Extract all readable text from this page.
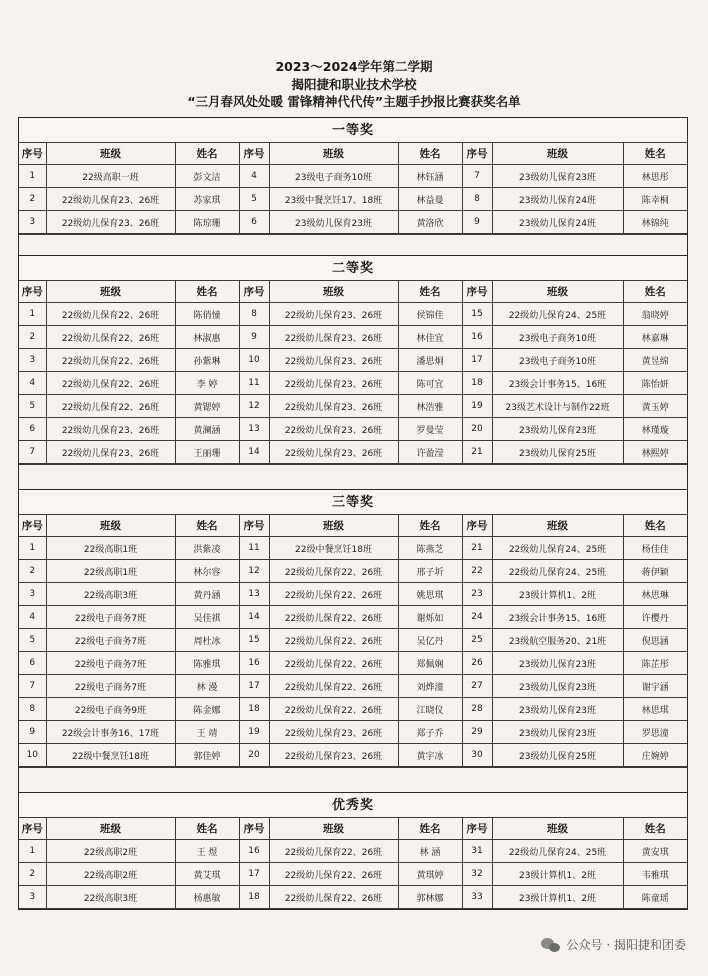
2023～2024学年第二学期
揭阳捷和职业技术学校
“三月春风处处暖 雷锋精神代代传”主题手抄报比赛获奖名单
一等奖
序号	班级	姓名	序号	班级	姓名	序号	班级	姓名
1	22级高职一班	彭文洁	4	23级电子商务10班	林钰涵	7	23级幼儿保育23班	林思彤
2	22级幼儿保育23、26班	苏家琪	5	23级中餐烹饪17、18班	林益曼	8	23级幼儿保育24班	陈幸桐
3	22级幼儿保育23、26班	陈琼珊	6	23级幼儿保育23班	黄洛欣	9	23级幼儿保育24班	林锦纯
二等奖
序号	班级	姓名	序号	班级	姓名	序号	班级	姓名
1	22级幼儿保育22、26班	陈俏憧	8	22级幼儿保育23、26班	侯锦佳	15	22级幼儿保育24、25班	翁晓婷
2	22级幼儿保育22、26班	林淑惠	9	22级幼儿保育23、26班	林佳宜	16	23级电子商务10班	林嘉琳
3	22级幼儿保育22、26班	孙紫琳	10	22级幼儿保育23、26班	潘思炯	17	23级电子商务10班	黄昱绵
4	22级幼儿保育22、26班	李 婷	11	22级幼儿保育23、26班	陈可宜	18	23级会计事务15、16班	陈怡妍
5	22级幼儿保育22、26班	黄锶婷	12	22级幼儿保育23、26班	林浩雅	19	23级艺术设计与制作22班	黄玉婷
6	22级幼儿保育23、26班	黄澜涵	13	22级幼儿保育23、26班	罗曼莹	20	23级幼儿保育23班	林瑾璇
7	22级幼儿保育23、26班	王丽珊	14	22级幼儿保育23、26班	许盈滢	21	23级幼儿保育25班	林熙婷
三等奖
序号	班级	姓名	序号	班级	姓名	序号	班级	姓名
1	22级高职1班	洪紫凌	11	22级中餐烹饪18班	陈燕芝	21	22级幼儿保育24、25班	杨佳佳
2	22级高职1班	林尔容	12	22级幼儿保育22、26班	邢子圻	22	22级幼儿保育24、25班	蒋伊颖
3	22级高职3班	黄丹涵	13	22级幼儿保育22、26班	姚思琪	23	23级计算机1、2班	林思琳
4	22级电子商务7班	吴佳祺	14	22级幼儿保育22、26班	谢烁如	24	23级会计事务15、16班	许樱丹
5	22级电子商务7班	周杜冰	15	22级幼儿保育22、26班	吴亿丹	25	23级航空服务20、21班	倪思涵
6	22级电子商务7班	陈雅琪	16	22级幼儿保育22、26班	郑佩娴	26	23级幼儿保育23班	陈芷彤
7	22级电子商务7班	林 漫	17	22级幼儿保育22、26班	刘烨潼	27	23级幼儿保育23班	谢宇涵
8	22级电子商务9班	陈金娜	18	22级幼儿保育22、26班	江晓仪	28	23级幼儿保育23班	林思琪
9	22级会计事务16、17班	王 靖	19	22级幼儿保育23、26班	郑子乔	29	23级幼儿保育23班	罗思潼
10	22级中餐烹饪18班	郭佳婷	20	22级幼儿保育23、26班	黄宇冰	30	23级幼儿保育25班	庄婉婷
优秀奖
序号	班级	姓名	序号	班级	姓名	序号	班级	姓名
1	22级高职2班	王 煜	16	22级幼儿保育22、26班	林 涵	31	22级幼儿保育24、25班	黄安琪
2	22级高职2班	黄艾琪	17	22级幼儿保育22、26班	黄琪婷	32	23级计算机1、2班	韦雅琪
3	22级高职3班	杨惠敏	18	22级幼儿保育22、26班	郭林娜	33	23级计算机1、2班	陈童瑶
公众号 · 揭阳捷和团委
